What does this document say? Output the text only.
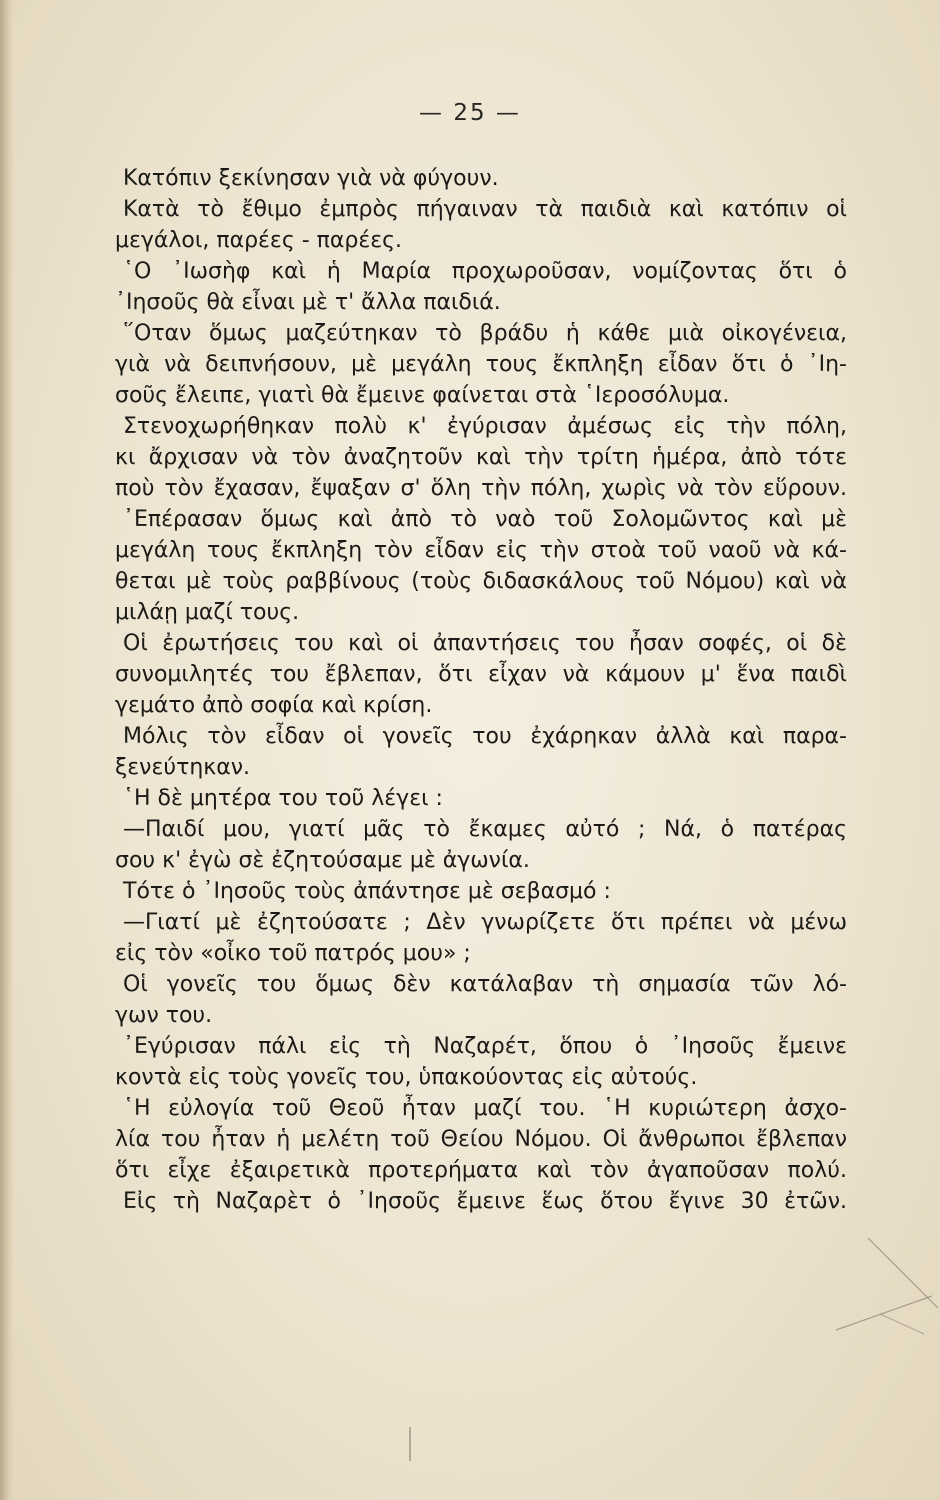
— 25 —
Κατόπιν ξεκίνησαν γιὰ νὰ φύγουν.
Κατὰ τὸ ἔθιμο ἐμπρὸς πήγαιναν τὰ παιδιὰ καὶ κατόπιν οἱ
μεγάλοι, παρέες - παρέες.
῾Ο ᾿Ιωσὴφ καὶ ἡ Μαρία προχωροῦσαν, νομίζοντας ὅτι ὁ
᾿Ιησοῦς θὰ εἶναι μὲ τ' ἄλλα παιδιά.
῞Οταν ὅμως μαζεύτηκαν τὸ βράδυ ἡ κάθε μιὰ οἰκογένεια,
γιὰ νὰ δειπνήσουν, μὲ μεγάλη τους ἔκπληξη εἶδαν ὅτι ὁ ᾿Ιη-
σοῦς ἔλειπε, γιατὶ θὰ ἔμεινε φαίνεται στὰ ῾Ιεροσόλυμα.
Στενοχωρήθηκαν πολὺ κ' ἐγύρισαν ἀμέσως εἰς τὴν πόλη,
κι ἄρχισαν νὰ τὸν ἀναζητοῦν καὶ τὴν τρίτη ἡμέρα, ἀπὸ τότε
ποὺ τὸν ἔχασαν, ἔψαξαν σ' ὅλη τὴν πόλη, χωρὶς νὰ τὸν εὕρουν.
᾿Επέρασαν ὅμως καὶ ἀπὸ τὸ ναὸ τοῦ Σολομῶντος καὶ μὲ
μεγάλη τους ἔκπληξη τὸν εἶδαν εἰς τὴν στοὰ τοῦ ναοῦ νὰ κά-
θεται μὲ τοὺς ραββίνους (τοὺς διδασκάλους τοῦ Νόμου) καὶ νὰ
μιλάῃ μαζί τους.
Οἱ ἐρωτήσεις του καὶ οἱ ἀπαντήσεις του ἦσαν σοφές, οἱ δὲ
συνομιλητές του ἔβλεπαν, ὅτι εἶχαν νὰ κάμουν μ' ἕνα παιδὶ
γεμάτο ἀπὸ σοφία καὶ κρίση.
Μόλις τὸν εἶδαν οἱ γονεῖς του ἐχάρηκαν ἀλλὰ καὶ παρα-
ξενεύτηκαν.
῾Η δὲ μητέρα του τοῦ λέγει :
—Παιδί μου, γιατί μᾶς τὸ ἔκαμες αὐτό ; Νά, ὁ πατέρας
σου κ' ἐγὼ σὲ ἐζητούσαμε μὲ ἀγωνία.
Τότε ὁ ᾿Ιησοῦς τοὺς ἀπάντησε μὲ σεβασμό :
—Γιατί μὲ ἐζητούσατε ; Δὲν γνωρίζετε ὅτι πρέπει νὰ μένω
εἰς τὸν «οἶκο τοῦ πατρός μου» ;
Οἱ γονεῖς του ὅμως δὲν κατάλαβαν τὴ σημασία τῶν λό-
γων του.
᾿Εγύρισαν πάλι εἰς τὴ Ναζαρέτ, ὅπου ὁ ᾿Ιησοῦς ἔμεινε
κοντὰ εἰς τοὺς γονεῖς του, ὑπακούοντας εἰς αὐτούς.
῾Η εὐλογία τοῦ Θεοῦ ἦταν μαζί του. ῾Η κυριώτερη ἀσχο-
λία του ἦταν ἡ μελέτη τοῦ Θείου Νόμου. Οἱ ἄνθρωποι ἔβλεπαν
ὅτι εἶχε ἐξαιρετικὰ προτερήματα καὶ τὸν ἀγαποῦσαν πολύ.
Εἰς τὴ Ναζαρὲτ ὁ ᾿Ιησοῦς ἔμεινε ἕως ὅτου ἔγινε 30 ἐτῶν.
